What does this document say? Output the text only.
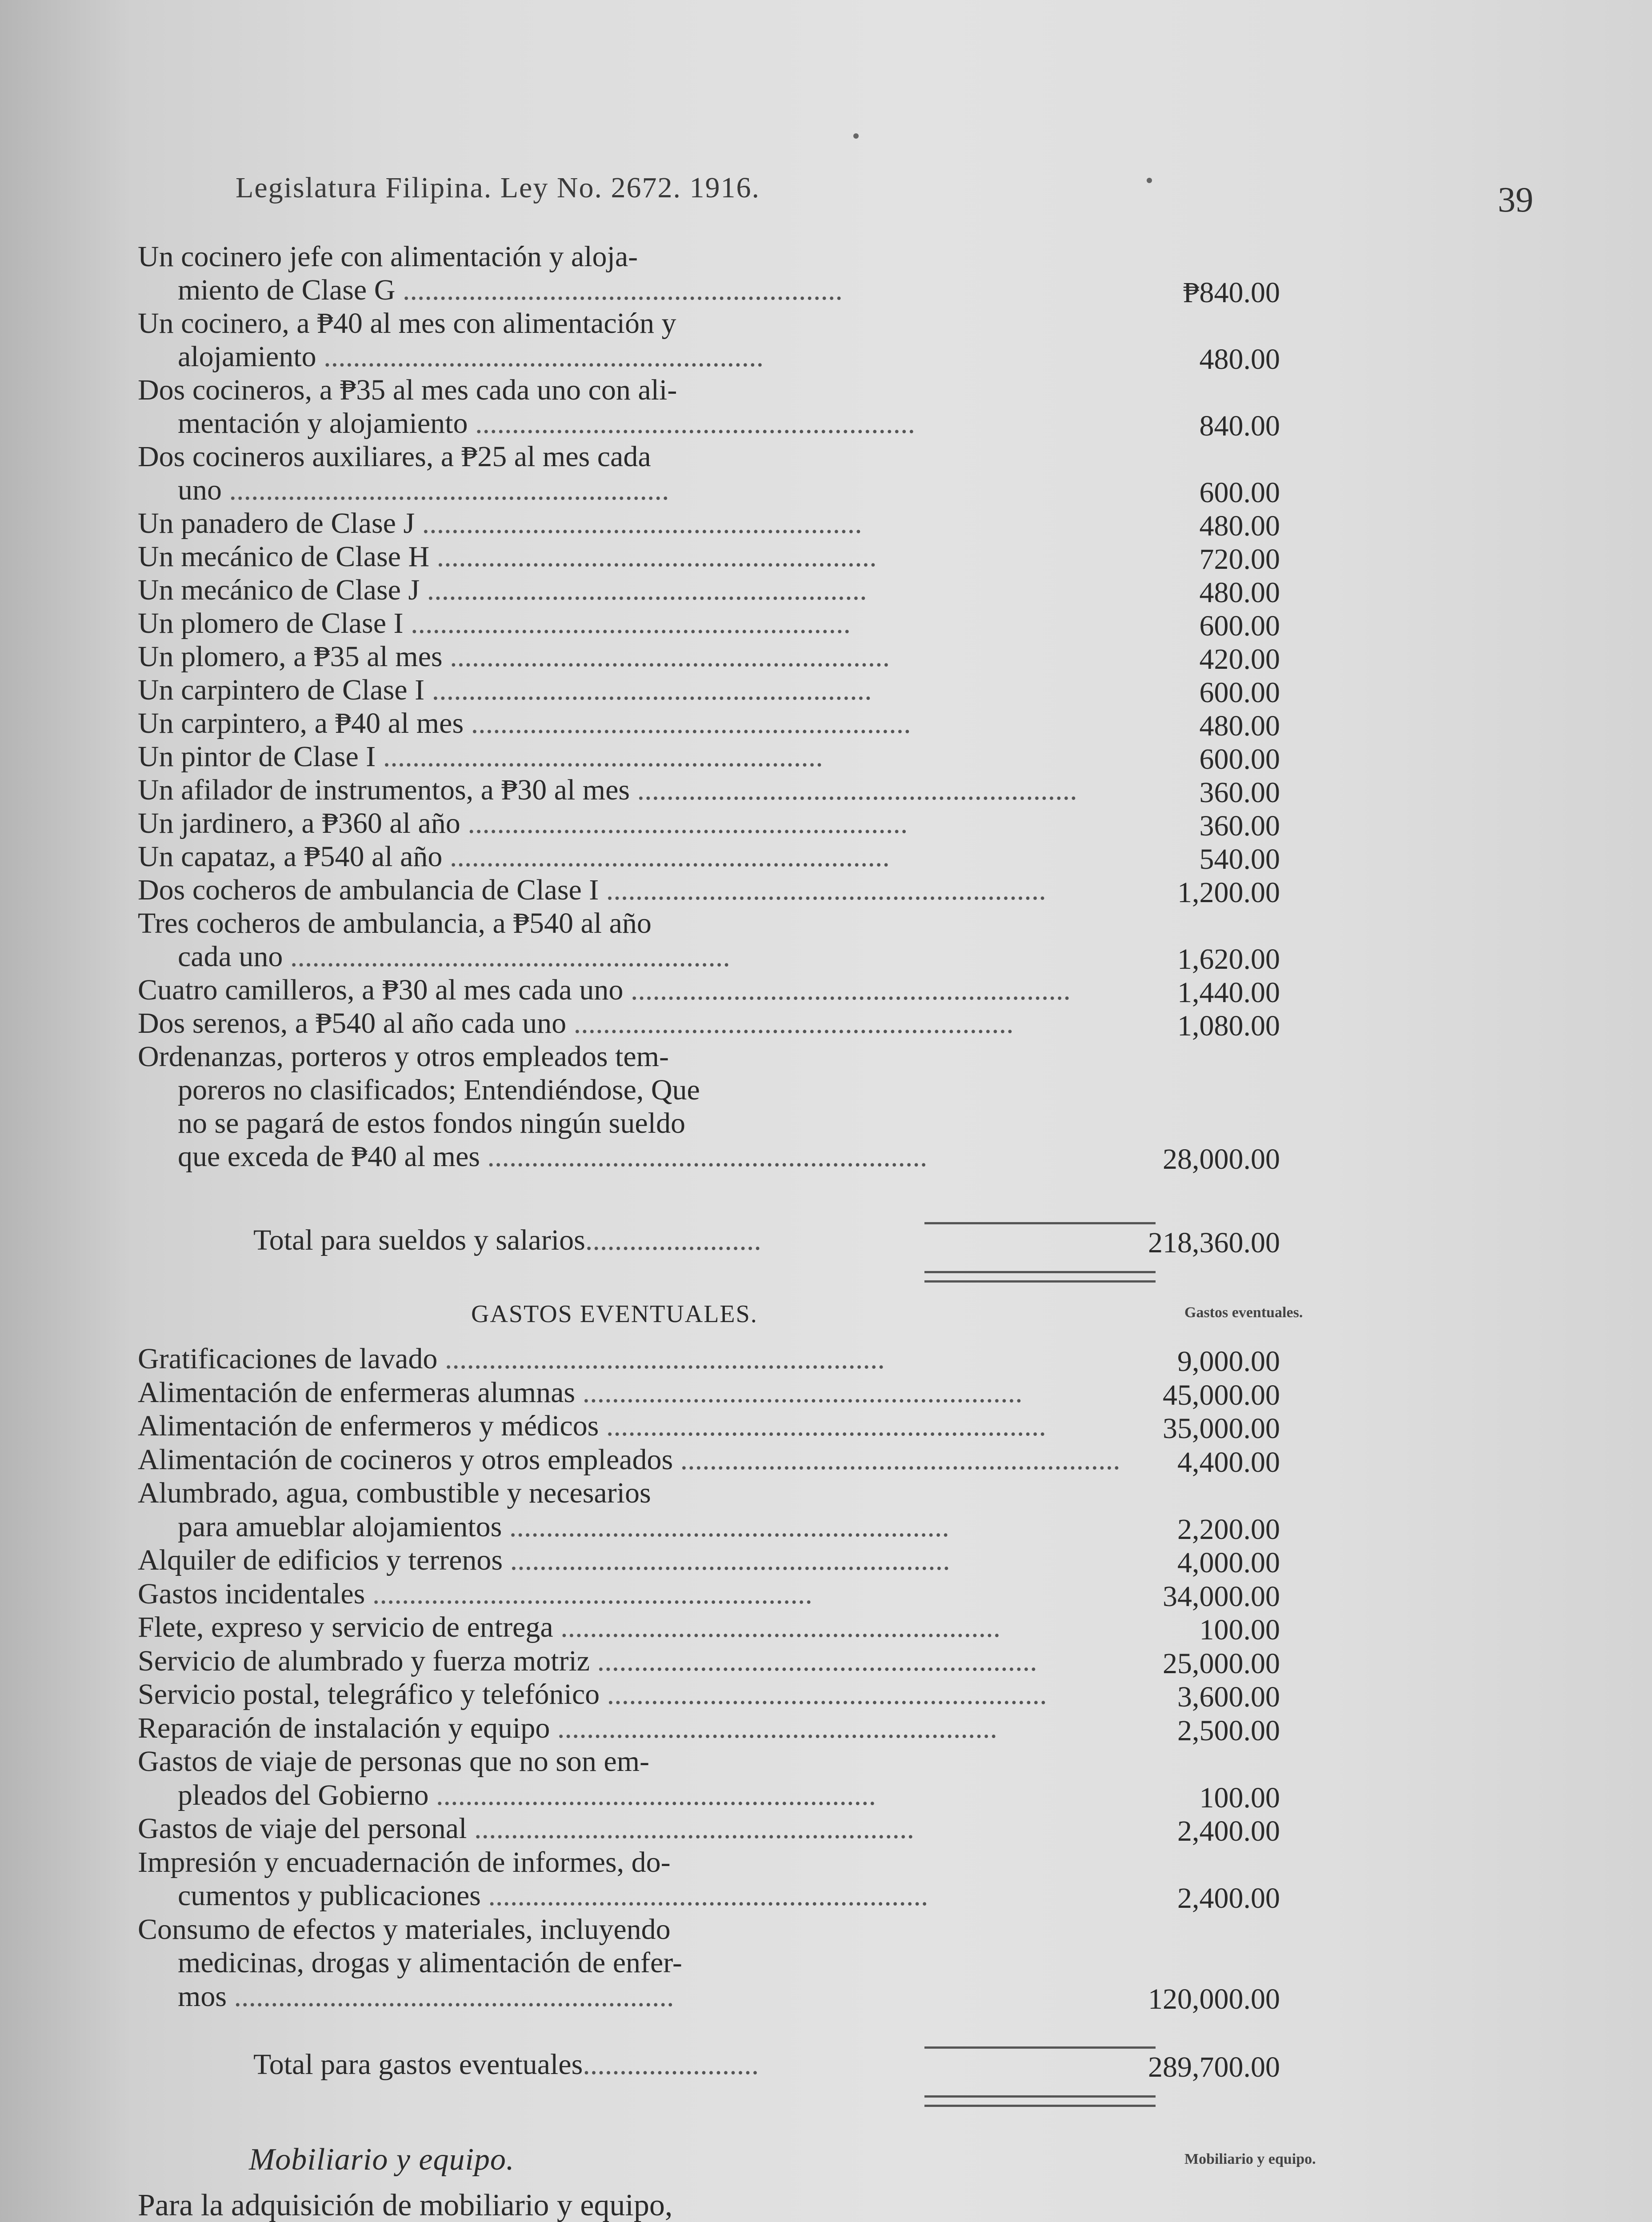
Legislatura Filipina. Ley No. 2672. 1916.	39
Un cocinero jefe con alimentación y aloja-
miento de Clase G ............................................................	₱840.00
Un cocinero, a ₱40 al mes con alimentación y
alojamiento ............................................................	480.00
Dos cocineros, a ₱35 al mes cada uno con ali-
mentación y alojamiento ............................................................	840.00
Dos cocineros auxiliares, a ₱25 al mes cada
uno ............................................................	600.00
Un panadero de Clase J ............................................................	480.00
Un mecánico de Clase H ............................................................	720.00
Un mecánico de Clase J ............................................................	480.00
Un plomero de Clase I ............................................................	600.00
Un plomero, a ₱35 al mes ............................................................	420.00
Un carpintero de Clase I ............................................................	600.00
Un carpintero, a ₱40 al mes ............................................................	480.00
Un pintor de Clase I ............................................................	600.00
Un afilador de instrumentos, a ₱30 al mes ............................................................	360.00
Un jardinero, a ₱360 al año ............................................................	360.00
Un capataz, a ₱540 al año ............................................................	540.00
Dos cocheros de ambulancia de Clase I ............................................................	1,200.00
Tres cocheros de ambulancia, a ₱540 al año
cada uno ............................................................	1,620.00
Cuatro camilleros, a ₱30 al mes cada uno ............................................................	1,440.00
Dos serenos, a ₱540 al año cada uno ............................................................	1,080.00
Ordenanzas, porteros y otros empleados tem-
poreros no clasificados; Entendiéndose, Que
no se pagará de estos fondos ningún sueldo
que exceda de ₱40 al mes ............................................................	28,000.00
Total para sueldos y salarios........................	218,360.00
GASTOS EVENTUALES.	Gastos eventuales.
Gratificaciones de lavado ............................................................	9,000.00
Alimentación de enfermeras alumnas ............................................................	45,000.00
Alimentación de enfermeros y médicos ............................................................	35,000.00
Alimentación de cocineros y otros empleados ............................................................	4,400.00
Alumbrado, agua, combustible y necesarios
para amueblar alojamientos ............................................................	2,200.00
Alquiler de edificios y terrenos ............................................................	4,000.00
Gastos incidentales ............................................................	34,000.00
Flete, expreso y servicio de entrega ............................................................	100.00
Servicio de alumbrado y fuerza motriz ............................................................	25,000.00
Servicio postal, telegráfico y telefónico ............................................................	3,600.00
Reparación de instalación y equipo ............................................................	2,500.00
Gastos de viaje de personas que no son em-
pleados del Gobierno ............................................................	100.00
Gastos de viaje del personal ............................................................	2,400.00
Impresión y encuadernación de informes, do-
cumentos y publicaciones ............................................................	2,400.00
Consumo de efectos y materiales, incluyendo
medicinas, drogas y alimentación de enfer-
mos ............................................................	120,000.00
Total para gastos eventuales........................	289,700.00
Mobiliario y equipo.	Mobiliario y equipo.
Para la adquisición de mobiliario y equipo,
